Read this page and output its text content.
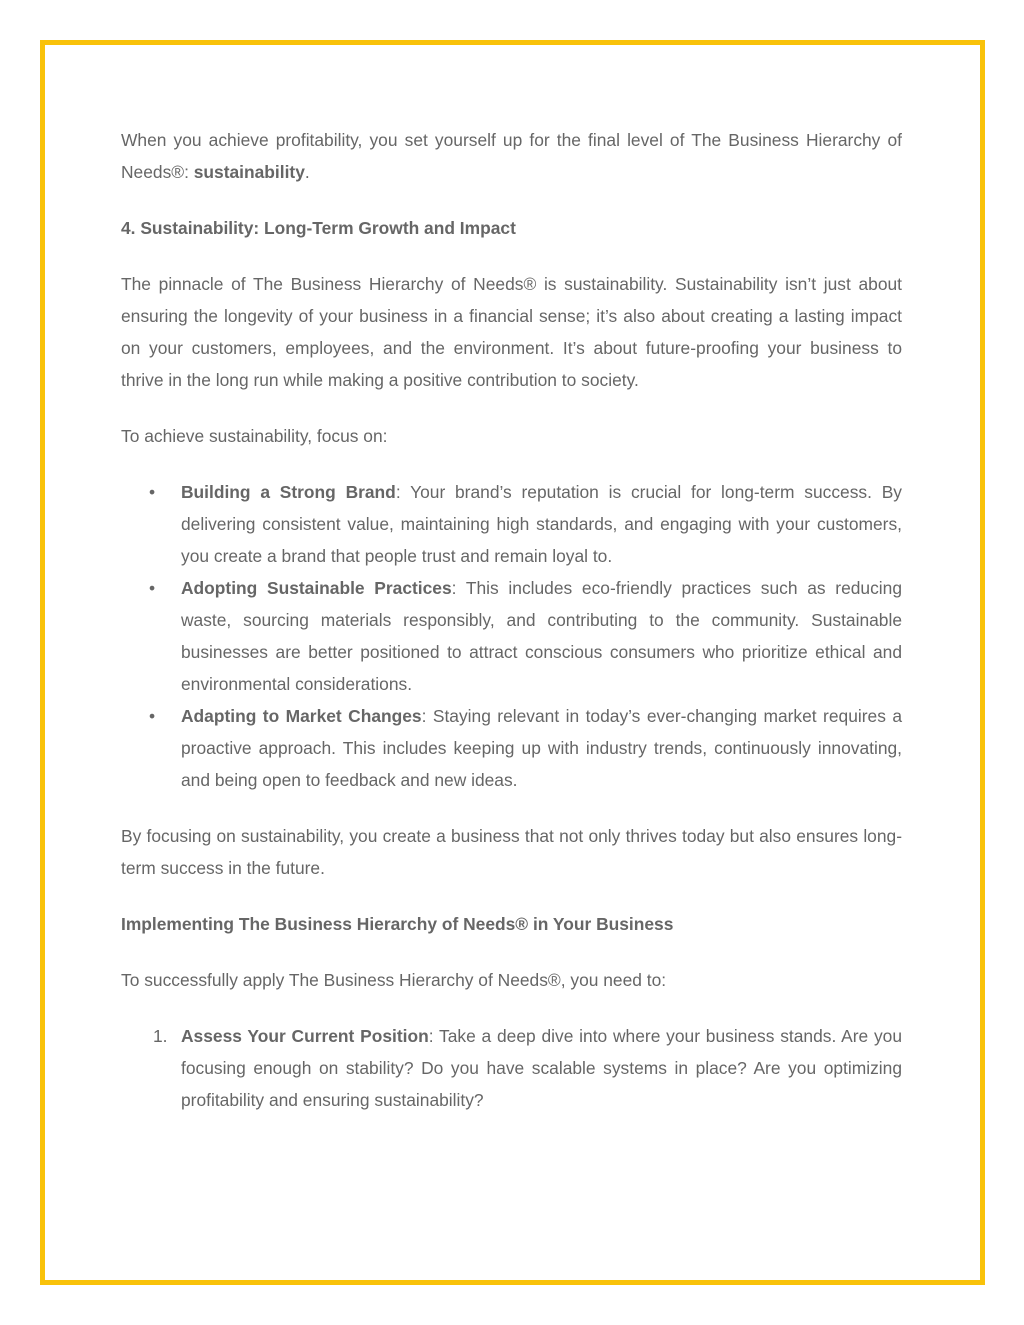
When you achieve profitability, you set yourself up for the final level of The Business Hierarchy of Needs®: sustainability.

4. Sustainability: Long-Term Growth and Impact

The pinnacle of The Business Hierarchy of Needs® is sustainability. Sustainability isn’t just about ensuring the longevity of your business in a financial sense; it’s also about creating a lasting impact on your customers, employees, and the environment. It’s about future-proofing your business to thrive in the long run while making a positive contribution to society.

To achieve sustainability, focus on:

•	Building a Strong Brand: Your brand’s reputation is crucial for long-term success. By delivering consistent value, maintaining high standards, and engaging with your customers, you create a brand that people trust and remain loyal to.
•	Adopting Sustainable Practices: This includes eco-friendly practices such as reducing waste, sourcing materials responsibly, and contributing to the community. Sustainable businesses are better positioned to attract conscious consumers who prioritize ethical and environmental considerations.
•	Adapting to Market Changes: Staying relevant in today’s ever-changing market requires a proactive approach. This includes keeping up with industry trends, continuously innovating, and being open to feedback and new ideas.

By focusing on sustainability, you create a business that not only thrives today but also ensures long-term success in the future.

Implementing The Business Hierarchy of Needs® in Your Business

To successfully apply The Business Hierarchy of Needs®, you need to:

1. Assess Your Current Position: Take a deep dive into where your business stands. Are you focusing enough on stability? Do you have scalable systems in place? Are you optimizing profitability and ensuring sustainability?
